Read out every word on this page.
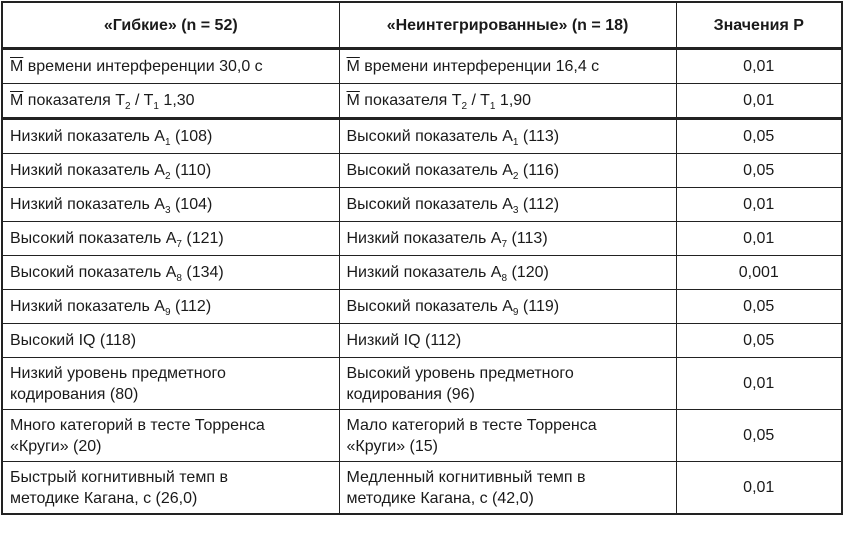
«Гибкие» (n = 52)	«Неинтегрированные» (n = 18)	Значения P
$\overline{M}$ времени интерференции 30,0 с	$\overline{M}$ времени интерференции 16,4 с	0,01
$\overline{M}$ показателя $T_2 / T_1$ 1,30	$\overline{M}$ показателя $T_2 / T_1$ 1,90	0,01
Низкий показатель $A_1$ (108)	Высокий показатель $A_1$ (113)	0,05
Низкий показатель $A_2$ (110)	Высокий показатель $A_2$ (116)	0,05
Низкий показатель $A_3$ (104)	Высокий показатель $A_3$ (112)	0,01
Высокий показатель $A_7$ (121)	Низкий показатель $A_7$ (113)	0,01
Высокий показатель $A_8$ (134)	Низкий показатель $A_8$ (120)	0,001
Низкий показатель $A_9$ (112)	Высокий показатель $A_9$ (119)	0,05
Высокий IQ (118)	Низкий IQ (112)	0,05
Низкий уровень предметного
кодирования (80)	Высокий уровень предметного
кодирования (96)	0,01
Много категорий в тесте Торренса
«Круги» (20)	Мало категорий в тесте Торренса
«Круги» (15)	0,05
Быстрый когнитивный темп в
методике Кагана, с (26,0)	Медленный когнитивный темп в
методике Кагана, с (42,0)	0,01
